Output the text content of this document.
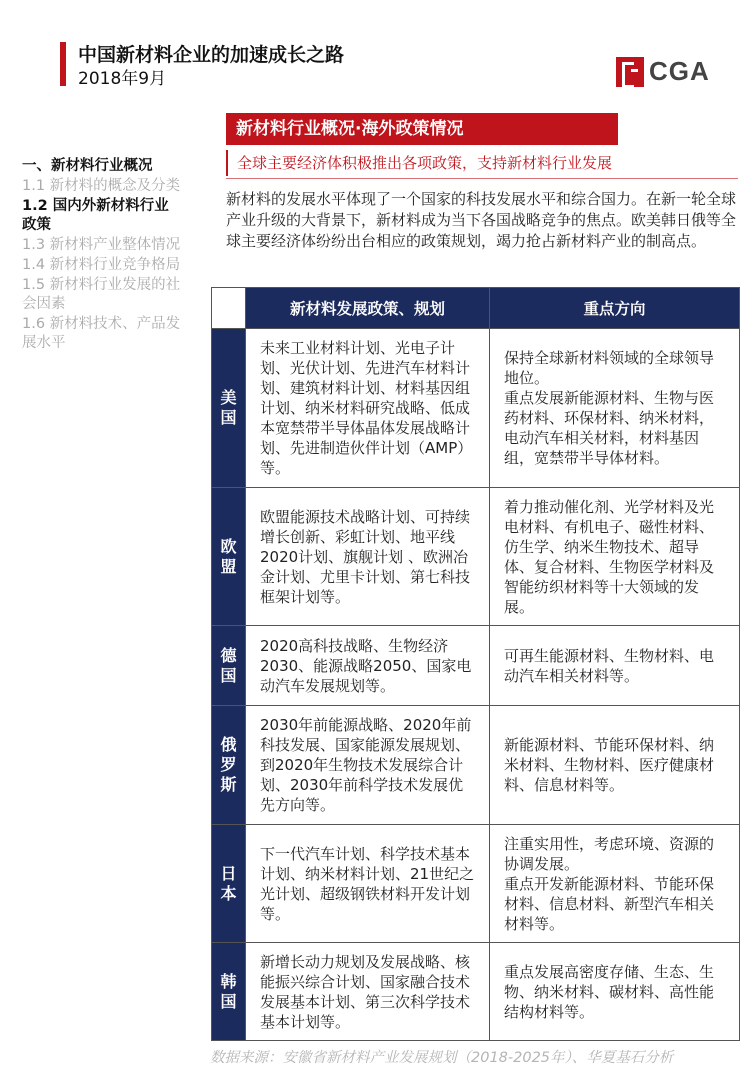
中国新材料企业的加速成长之路
2018年9月	CGA
新材料行业概况·海外政策情况
全球主要经济体积极推出各项政策，支持新材料行业发展
一、新材料行业概况
1.1 新材料的概念及分类
1.2 国内外新材料行业政策
1.3 新材料产业整体情况
1.4 新材料行业竞争格局
1.5 新材料行业发展的社会因素
1.6 新材料技术、产品发展水平
新材料的发展水平体现了一个国家的科技发展水平和综合国力。在新一轮全球产业升级的大背景下，新材料成为当下各国战略竞争的焦点。欧美韩日俄等全球主要经济体纷纷出台相应的政策规划，竭力抢占新材料产业的制高点。
	新材料发展政策、规划	重点方向
美国	未来工业材料计划、光电子计划、光伏计划、先进汽车材料计划、建筑材料计划、材料基因组计划、纳米材料研究战略、低成本宽禁带半导体晶体发展战略计划、先进制造伙伴计划（AMP）等。	保持全球新材料领域的全球领导地位。
重点发展新能源材料、生物与医药材料、环保材料、纳米材料，电动汽车相关材料，材料基因组，宽禁带半导体材料。
欧盟	欧盟能源技术战略计划、可持续增长创新、彩虹计划、地平线 2020计划、旗舰计划 、欧洲冶金计划、尤里卡计划、第七科技框架计划等。	着力推动催化剂、光学材料及光电材料、有机电子、磁性材料、仿生学、纳米生物技术、超导体、复合材料、生物医学材料及智能纺织材料等十大领域的发展。
德国	2020高科技战略、生物经济2030、能源战略2050、国家电动汽车发展规划等。	可再生能源材料、生物材料、电动汽车相关材料等。
俄罗斯	2030年前能源战略、2020年前科技发展、国家能源发展规划、到2020年生物技术发展综合计划、2030年前科学技术发展优先方向等。	新能源材料、节能环保材料、纳米材料、生物材料、医疗健康材料、信息材料等。
日本	下一代汽车计划、科学技术基本计划、纳米材料计划、21世纪之光计划、超级钢铁材料开发计划等。	注重实用性，考虑环境、资源的协调发展。
重点开发新能源材料、节能环保材料、信息材料、新型汽车相关材料等。
韩国	新增长动力规划及发展战略、核能振兴综合计划、国家融合技术发展基本计划、第三次科学技术基本计划等。	重点发展高密度存储、生态、生物、纳米材料、碳材料、高性能结构材料等。
数据来源：安徽省新材料产业发展规划（2018-2025年）、华夏基石分析
